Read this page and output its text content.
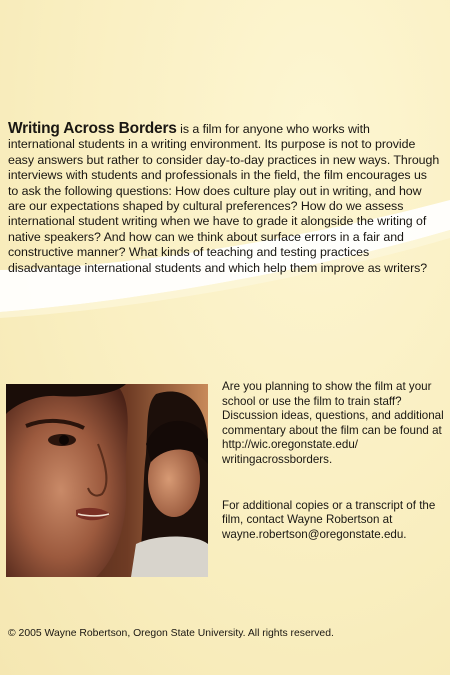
Writing Across Borders is a film for anyone who works with international students in a writing environment. Its purpose is not to provide easy answers but rather to consider day-to-day practices in new ways. Through interviews with students and professionals in the field, the film encourages us to ask the following questions: How does culture play out in writing, and how are our expectations shaped by cultural preferences? How do we assess international student writing when we have to grade it alongside the writing of native speakers? And how can we think about surface errors in a fair and constructive manner? What kinds of teaching and testing practices disadvantage international students and which help them improve as writers?

Are you planning to show the film at your school or use the film to train staff? Discussion ideas, questions, and additional commentary about the film can be found at http://wic.oregonstate.edu/ writingacrossborders.

For additional copies or a transcript of the film, contact Wayne Robertson at wayne.robertson@oregonstate.edu.

© 2005 Wayne Robertson, Oregon State University. All rights reserved.
